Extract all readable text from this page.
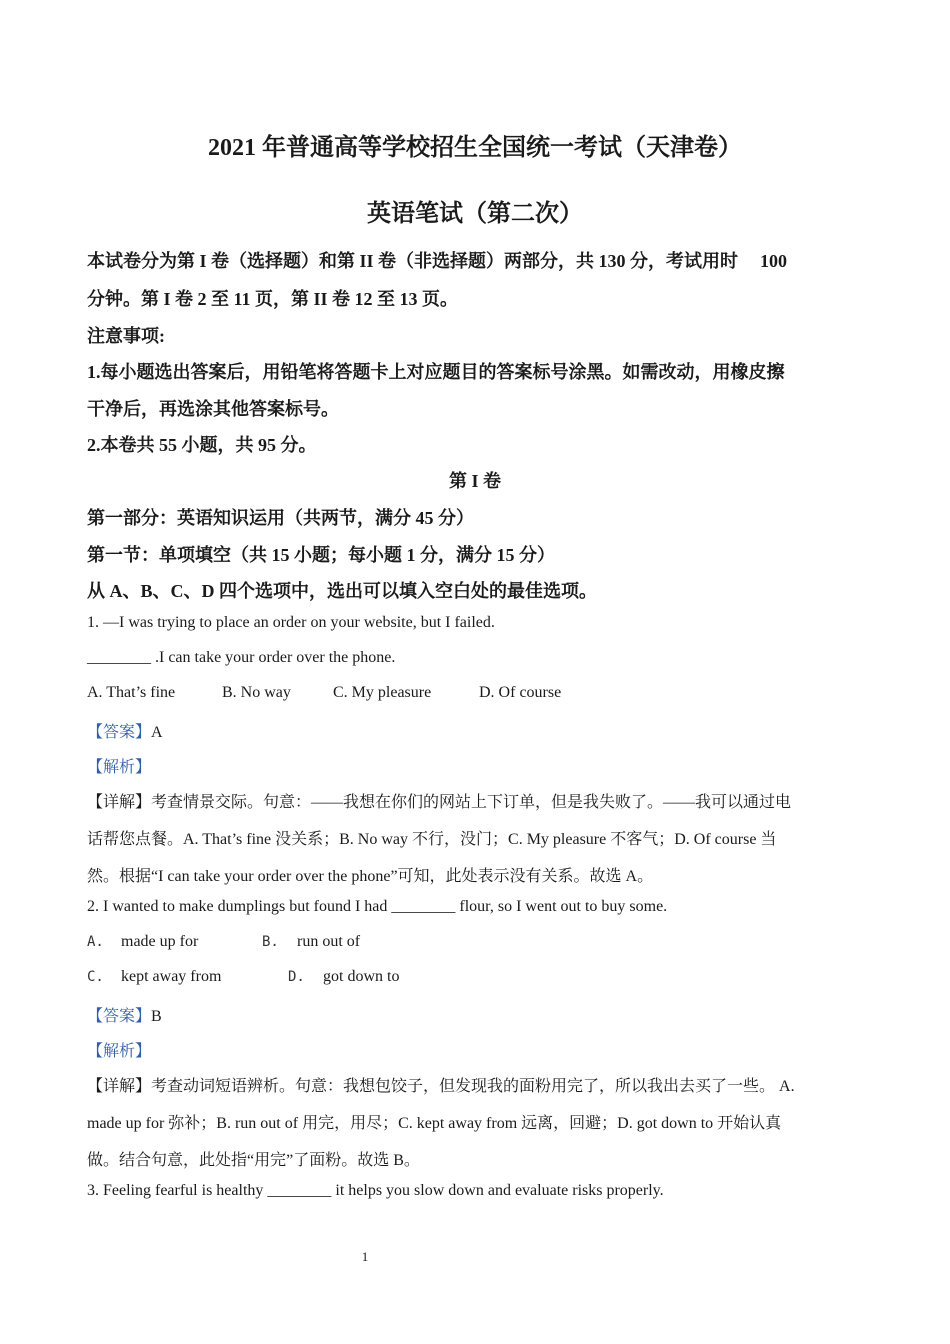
2021 年普通高等学校招生全国统一考试（天津卷）
英语笔试（第二次）
本试卷分为第 I 卷（选择题）和第 II 卷（非选择题）两部分，共 130 分，考试用时 100
分钟。第 I 卷 2 至 11 页，第 II 卷 12 至 13 页。
注意事项:
1.每小题选出答案后，用铅笔将答题卡上对应题目的答案标号涂黑。如需改动，用橡皮擦
干净后，再选涂其他答案标号。
2.本卷共 55 小题，共 95 分。
第 I 卷
第一部分：英语知识运用（共两节，满分 45 分）
第一节：单项填空（共 15 小题；每小题 1 分，满分 15 分）
从 A、B、C、D 四个选项中，选出可以填入空白处的最佳选项。
1. —I was trying to place an order on your website, but I failed.
________ .I can take your order over the phone.
A. That’s fine	B. No way	C. My pleasure	D. Of course
【答案】A
【解析】
【详解】考查情景交际。句意：——我想在你们的网站上下订单，但是我失败了。——我可以通过电
话帮您点餐。A. That’s fine 没关系；B. No way 不行，没门；C. My pleasure 不客气；D. Of course 当
然。根据“I can take your order over the phone”可知，此处表示没有关系。故选 A。
2. I wanted to make dumplings but found I had ________ flour, so I went out to buy some.
A. made up for	B. run out of
C. kept away from	D. got down to
【答案】B
【解析】
【详解】考查动词短语辨析。句意：我想包饺子，但发现我的面粉用完了，所以我出去买了一些。 A.
made up for 弥补；B. run out of 用完，用尽；C. kept away from 远离，回避；D. got down to 开始认真
做。结合句意，此处指“用完”了面粉。故选 B。
3. Feeling fearful is healthy ________ it helps you slow down and evaluate risks properly.
1
